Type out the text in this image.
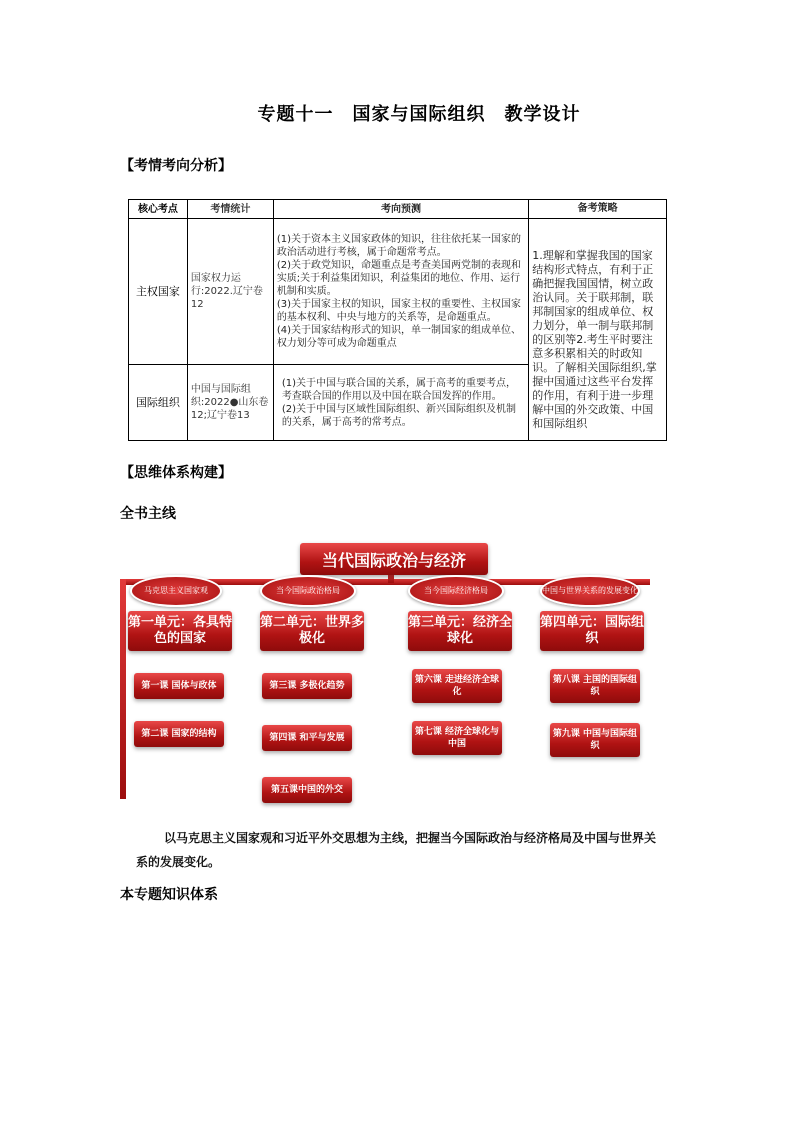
专题十一　国家与国际组织　教学设计
【考情考向分析】
核心考点	考情统计	考向预测	备考策略
主权国家	国家权力运行:2022.辽宁卷12	(1)关于资本主义国家政体的知识，往往依托某一国家的政治活动进行考核，属于命题常考点。
(2)关于政党知识，命题重点是考查美国两党制的表现和实质;关于利益集团知识，利益集团的地位、作用、运行机制和实质。
(3)关于国家主权的知识，国家主权的重要性、主权国家的基本权利、中央与地方的关系等，是命题重点。
(4)关于国家结构形式的知识，单一制国家的组成单位、权力划分等可成为命题重点	1.理解和掌握我国的国家结构形式特点，有利于正确把握我国国情，树立政治认同。关于联邦制，联邦制国家的组成单位、权力划分，单一制与联邦制的区别等2.考生平时要注意多积累相关的时政知识。了解相关国际组织,掌握中国通过这些平台发挥的作用，有利于进一步理解中国的外交政策、中国和国际组织
国际组织	中国与国际组织:2022●山东卷12;辽宁卷13	(1)关于中国与联合国的关系，属于高考的重要考点，考查联合国的作用以及中国在联合国发挥的作用。
(2)关于中国与区域性国际组织、新兴国际组织及机制的关系，属于高考的常考点。	
【思维体系构建】
全书主线
当代国际政治与经济
马克思主义国家观
第一单元：各具特色的国家
第一课 国体与政体
第二课 国家的结构
当今国际政治格局
第二单元：世界多极化
第三课 多极化趋势
第四课 和平与发展
第五课中国的外交
当今国际经济格局
第三单元：经济全球化
第六课 走进经济全球化
第七课 经济全球化与中国
中国与世界关系的发展变化
第四单元：国际组织
第八课 主国的国际组织
第九课 中国与国际组织
以马克思主义国家观和习近平外交思想为主线，把握当今国际政治与经济格局及中国与世界关系的发展变化。
本专题知识体系
